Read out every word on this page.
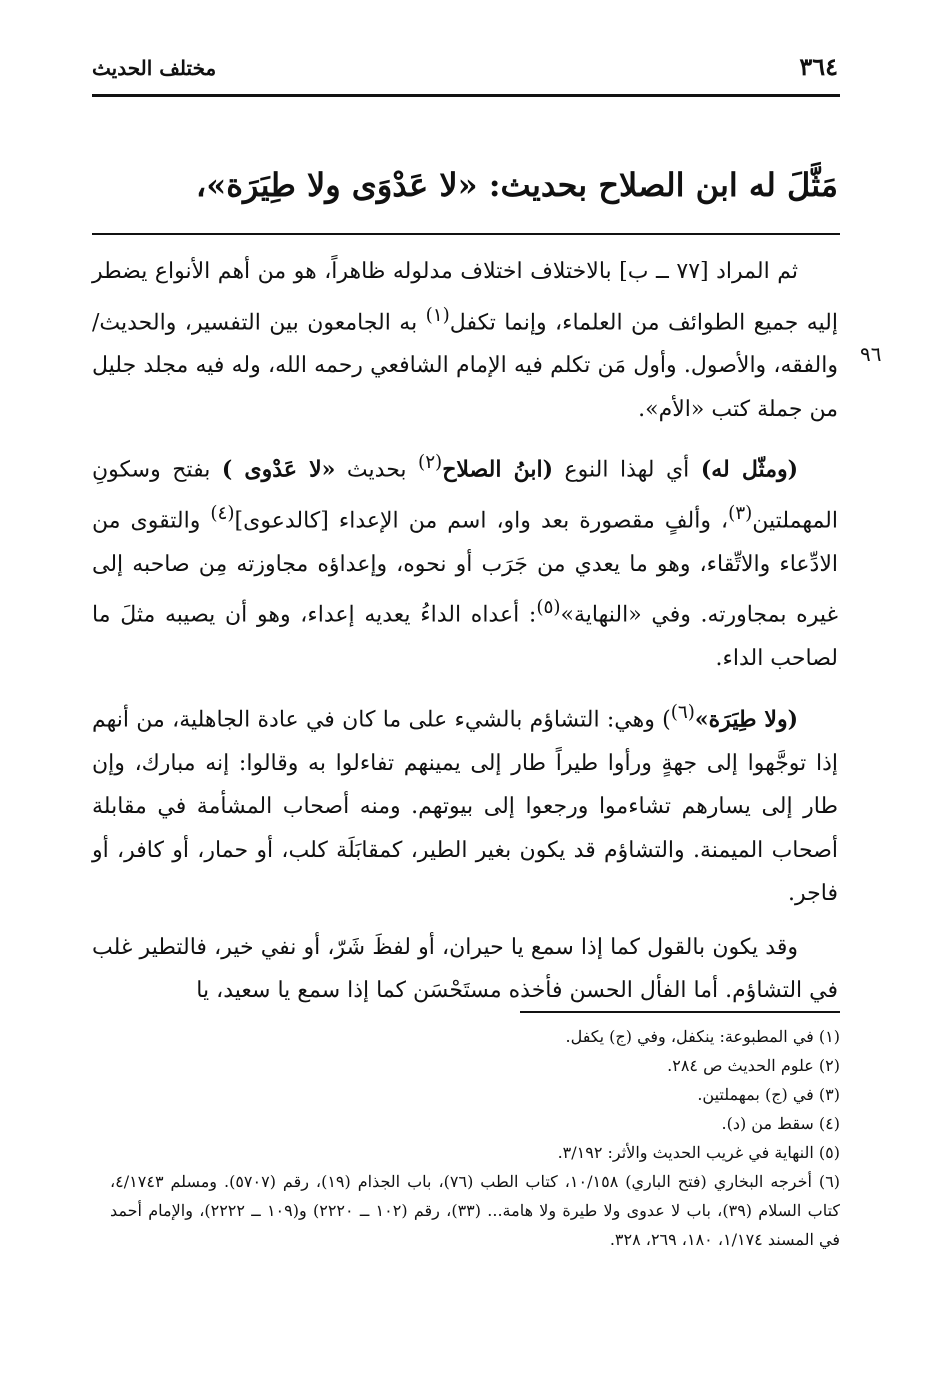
مختلف الحديث	٣٦٤
مَثَّلَ له ابن الصلاح بحديث: «لا عَدْوَى ولا طِيَرَة»،
٩٦

ثم المراد [٧٧ ــ ب] بالاختلاف اختلاف مدلوله ظاهراً، هو من أهم الأنواع يضطر إليه جميع الطوائف من العلماء، وإنما تكفل$^{(١)}$ به الجامعون بين التفسير، والحديث/ والفقه، والأصول. وأول مَن تكلم فيه الإمام الشافعي رحمه الله، وله فيه مجلد جليل من جملة كتب «الأم».

(ومثّل له) أي لهذا النوع (ابنُ الصلاح$^{(٢)}$ بحديث «لا عَدْوى ) بفتح وسكونِ المهملتين$^{(٣)}$، وألفٍ مقصورة بعد واو، اسم من الإعداء [كالدعوى]$^{(٤)}$ والتقوى من الادِّعاء والاتِّقاء، وهو ما يعدي من جَرَب أو نحوه، وإعداؤه مجاوزته مِن صاحبه إلى غيره بمجاورته. وفي «النهاية»$^{(٥)}$: أعداه الداءُ يعديه إعداء، وهو أن يصيبه مثلَ ما لصاحب الداء.

(ولا طِيَرَة»$^{(٦)}$) وهي: التشاؤم بالشيء على ما كان في عادة الجاهلية، من أنهم إذا توجَّهوا إلى جهةٍ ورأوا طيراً طار إلى يمينهم تفاءلوا به وقالوا: إنه مبارك، وإن طار إلى يسارهم تشاءموا ورجعوا إلى بيوتهم. ومنه أصحاب المشأمة في مقابلة أصحاب الميمنة. والتشاؤم قد يكون بغير الطير، كمقابَلَة كلب، أو حمار، أو كافر، أو فاجر.

وقد يكون بالقول كما إذا سمع يا حيران، أو لفظَ شَرّ، أو نفي خير، فالتطير غلب في التشاؤم. أما الفأل الحسن فأخذه مستَحْسَن كما إذا سمع يا سعيد، يا

(١) في المطبوعة: ينكفل، وفي (ج) يكفل.

(٢) علوم الحديث ص ٢٨٤.

(٣) في (ج) بمهملتين.

(٤) سقط من (د).

(٥) النهاية في غريب الحديث والأثر: ٣/١٩٢.

(٦) أخرجه البخاري (فتح الباري) ١٠/١٥٨، كتاب الطب (٧٦)، باب الجذام (١٩)، رقم (٥٧٠٧). ومسلم ٤/١٧٤٣، كتاب السلام (٣٩)، باب لا عدوى ولا طيرة ولا هامة... (٣٣)، رقم (١٠٢ ــ ٢٢٢٠) و(١٠٩ ــ ٢٢٢٢)، والإمام أحمد في المسند ١/١٧٤، ١٨٠، ٢٦٩، ٣٢٨.
